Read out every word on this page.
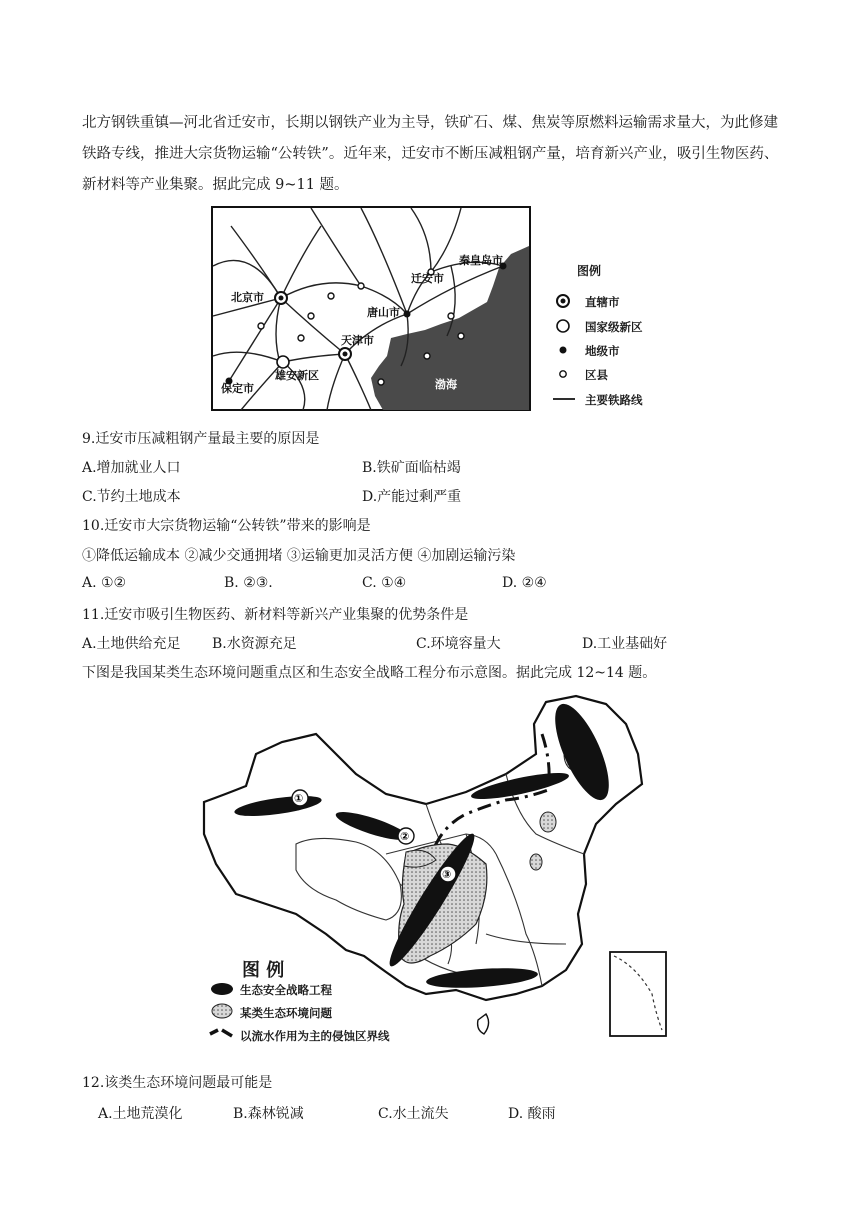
北方钢铁重镇—河北省迁安市，长期以钢铁产业为主导，铁矿石、煤、焦炭等原燃料运输需求量大，为此修建铁路专线，推进大宗货物运输“公转铁”。近年来，迁安市不断压减粗钢产量，培育新兴产业，吸引生物医药、新材料等产业集聚。据此完成 9~11 题。

北京市
天津市
唐山市
迁安市
秦皇岛市
雄安新区
保定市	渤海
图例
直辖市
国家级新区
地级市
区县
主要铁路线
9.迁安市压减粗钢产量最主要的原因是
A.增加就业人口	B.铁矿面临枯竭
C.节约土地成本	D.产能过剩严重
10.迁安市大宗货物运输“公转铁”带来的影响是
①降低运输成本 ②减少交通拥堵 ③运输更加灵活方便 ④加剧运输污染
A. ①②	B. ②③.	C. ①④	D. ②④
11.迁安市吸引生物医药、新材料等新兴产业集聚的优势条件是
A.土地供给充足 B.水资源充足	C.环境容量大	D.工业基础好
下图是我国某类生态环境问题重点区和生态安全战略工程分布示意图。据此完成 12~14 题。
①
②
③
图 例
生态安全战略工程
某类生态环境问题
以流水作用为主的侵蚀区界线
12.该类生态环境问题最可能是
A.土地荒漠化	B.森林锐减	C.水土流失	D. 酸雨
